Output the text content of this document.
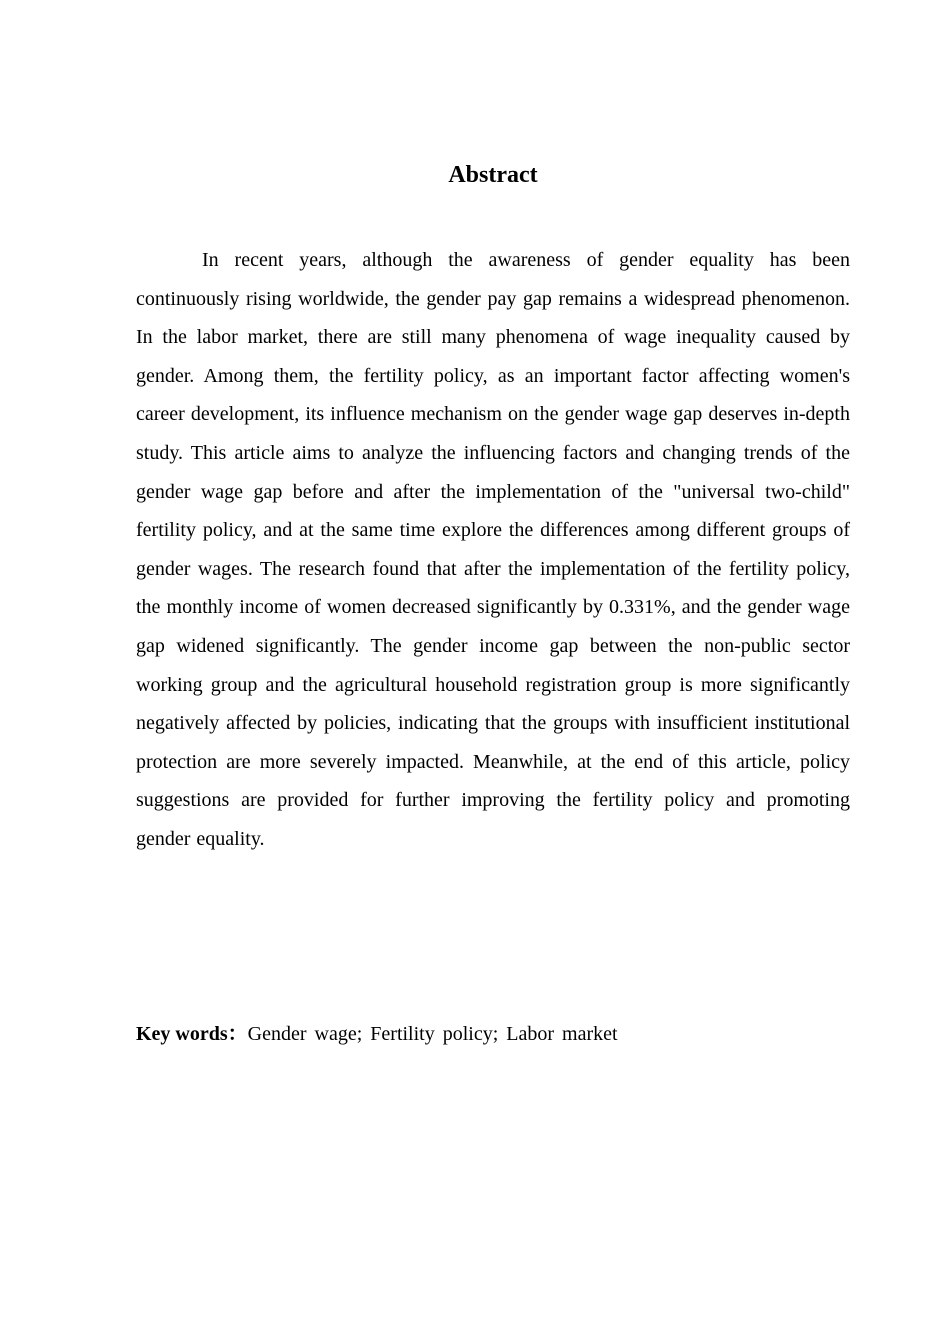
Abstract

In recent years, although the awareness of gender equality has been continuously rising worldwide, the gender pay gap remains a widespread phenomenon. In the labor market, there are still many phenomena of wage inequality caused by gender. Among them, the fertility policy, as an important factor affecting women's career development, its influence mechanism on the gender wage gap deserves in-depth study. This article aims to analyze the influencing factors and changing trends of the gender wage gap before and after the implementation of the "universal two-child" fertility policy, and at the same time explore the differences among different groups of gender wages. The research found that after the implementation of the fertility policy, the monthly income of women decreased significantly by 0.331%, and the gender wage gap widened significantly. The gender income gap between the non-public sector working group and the agricultural household registration group is more significantly negatively affected by policies, indicating that the groups with insufficient institutional protection are more severely impacted. Meanwhile, at the end of this article, policy suggestions are provided for further improving the fertility policy and promoting gender equality.

Key words：Gender wage; Fertility policy; Labor market
